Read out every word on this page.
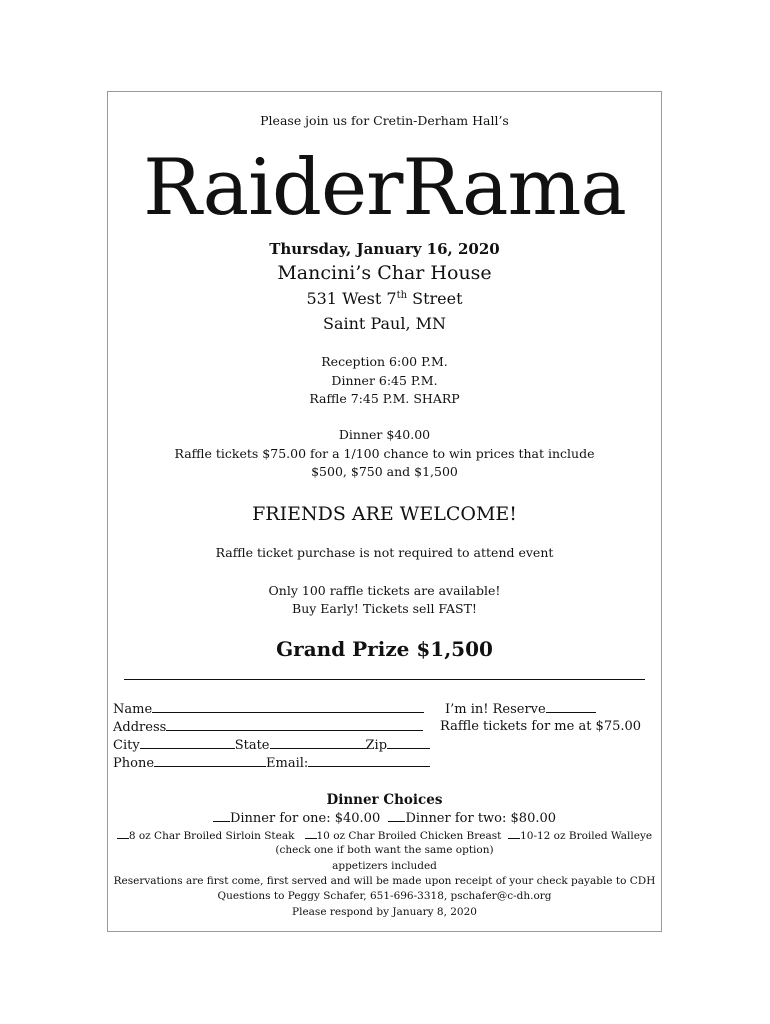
Please join us for Cretin-Derham Hall’s
RaiderRama
Thursday, January 16, 2020
Mancini’s Char House
531 West 7th Street
Saint Paul, MN
Reception 6:00 P.M.
Dinner 6:45 P.M.
Raffle 7:45 P.M. SHARP
Dinner $40.00
Raffle tickets $75.00 for a 1/100 chance to win prices that include
$500, $750 and $1,500
FRIENDS ARE WELCOME!
Raffle ticket purchase is not required to attend event
Only 100 raffle tickets are available!
Buy Early! Tickets sell FAST!
Grand Prize $1,500
Name
Address
City	State	Zip
Phone	Email:
I’m in! Reserve
Raffle tickets for me at $75.00
Dinner Choices
Dinner for one: $40.00 Dinner for two: $80.00
8 oz Char Broiled Sirloin Steak 10 oz Char Broiled Chicken Breast 10-12 oz Broiled Walleye
(check one if both want the same option)
appetizers included
Reservations are first come, first served and will be made upon receipt of your check payable to CDH
Questions to Peggy Schafer, 651-696-3318, pschafer@c-dh.org
Please respond by January 8, 2020
